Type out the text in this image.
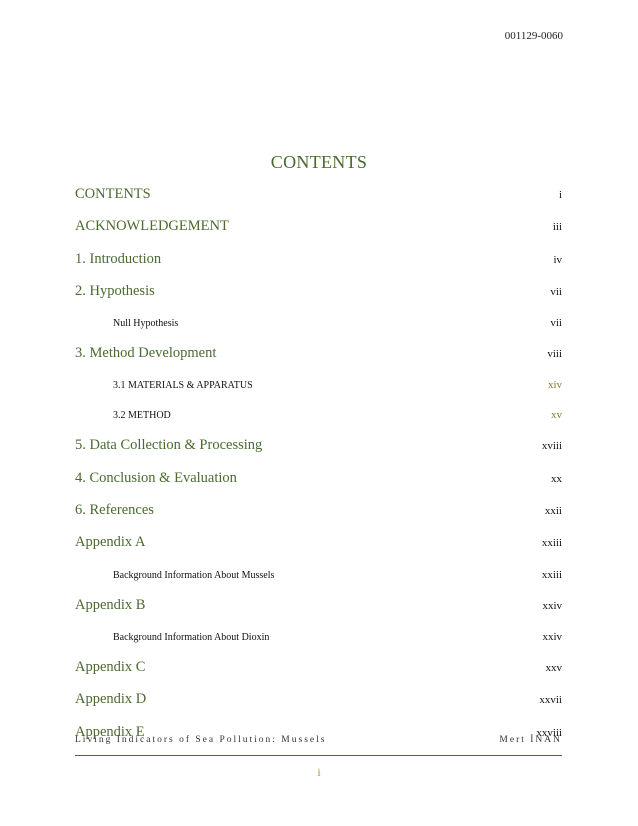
001129-0060
CONTENTS
CONTENTS	i
ACKNOWLEDGEMENT	iii
1. Introduction	iv
2. Hypothesis	vii
Null Hypothesis	vii
3. Method Development	viii
3.1 MATERIALS & APPARATUS	xiv
3.2 METHOD	xv
5. Data Collection & Processing	xviii
4. Conclusion & Evaluation	xx
6. References	xxii
Appendix A	xxiii
Background Information About Mussels	xxiii
Appendix B	xxiv
Background Information About Dioxin	xxiv
Appendix C	xxv
Appendix D	xxvii
Appendix E	xxviii
Living Indicators of Sea Pollution: Mussels	Mert İNAN
i
